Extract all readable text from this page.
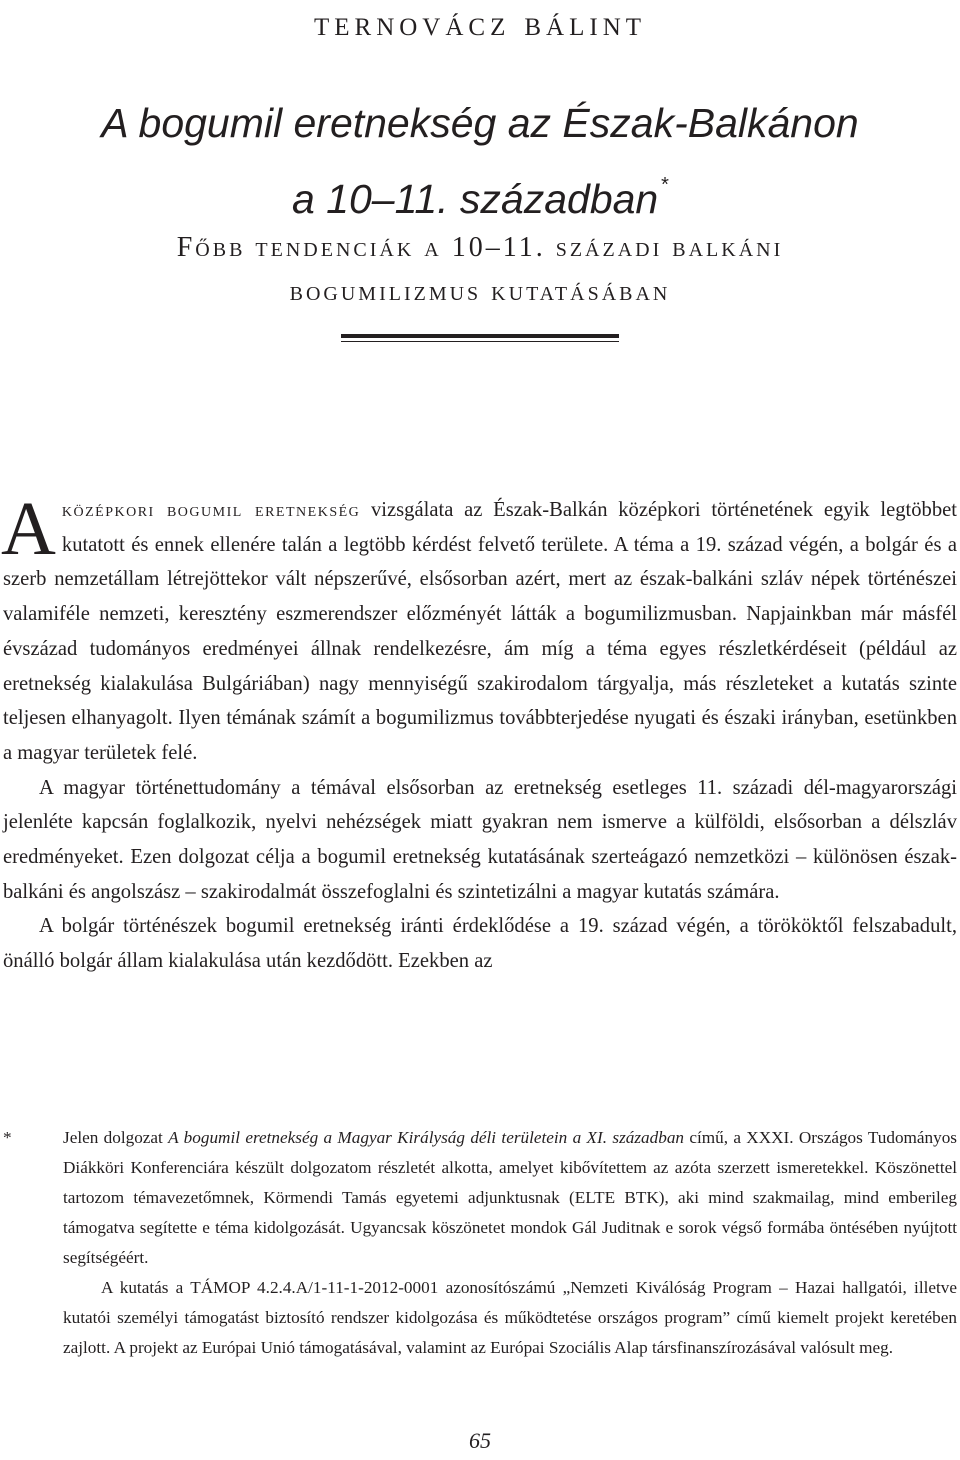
ternovácz bálint
A bogumil eretnekség az Észak-Balkánon
a 10–11. században *
Főbb tendenciák a 10–11. századi balkáni
bogumilizmus kutatásában

Aközépkori bogumil eretnekség vizsgálata az Észak-Balkán középkori történetének egyik legtöbbet kutatott és ennek ellenére talán a legtöbb kérdést felvető területe. A téma a 19. század végén, a bolgár és a szerb nemzetállam létrejöttekor vált népszerűvé, elsősorban azért, mert az észak-balkáni szláv népek történészei valamiféle nemzeti, keresztény eszmerendszer előzményét látták a bogumilizmusban. Napjainkban már másfél évszázad tudományos eredményei állnak rendelkezésre, ám míg a téma egyes részletkérdéseit (például az eretnekség kialakulása Bulgáriában) nagy mennyiségű szakirodalom tárgyalja, más részleteket a kutatás szinte teljesen elhanyagolt. Ilyen témának számít a bogumilizmus továbbterjedése nyugati és északi irányban, esetünkben a magyar területek felé.

A magyar történettudomány a témával elsősorban az eretnekség esetleges 11. századi dél-magyarországi jelenléte kapcsán foglalkozik, nyelvi nehézségek miatt gyakran nem ismerve a külföldi, elsősorban a délszláv eredményeket. Ezen dolgozat célja a bogumil eretnekség kutatásának szerteágazó nemzetközi – különösen észak-balkáni és angolszász – szakirodalmát összefoglalni és szintetizálni a magyar kutatás számára.

A bolgár történészek bogumil eretnekség iránti érdeklődése a 19. század végén, a törököktől felszabadult, önálló bolgár állam kialakulása után kezdődött. Ezekben az

*	Jelen dolgozat A bogumil eretnekség a Magyar Királyság déli területein a XI. században című, a XXXI. Országos Tudományos Diákköri Konferenciára készült dolgozatom részletét alkotta, amelyet kibővítettem az azóta szerzett ismeretekkel. Köszönettel tartozom témavezetőmnek, Körmendi Tamás egyetemi adjunktusnak (ELTE BTK), aki mind szakmailag, mind emberileg támogatva segítette e téma kidolgozását. Ugyancsak köszönetet mondok Gál Juditnak e sorok végső formába öntésében nyújtott segítségéért.

A kutatás a TÁMOP 4.2.4.A/1-11-1-2012-0001 azonosítószámú „Nemzeti Kiválóság Program – Hazai hallgatói, illetve kutatói személyi támogatást biztosító rendszer kidolgozása és működtetése országos program” című kiemelt projekt keretében zajlott. A projekt az Európai Unió támogatásával, valamint az Európai Szociális Alap társfinanszírozásával valósult meg.

65
